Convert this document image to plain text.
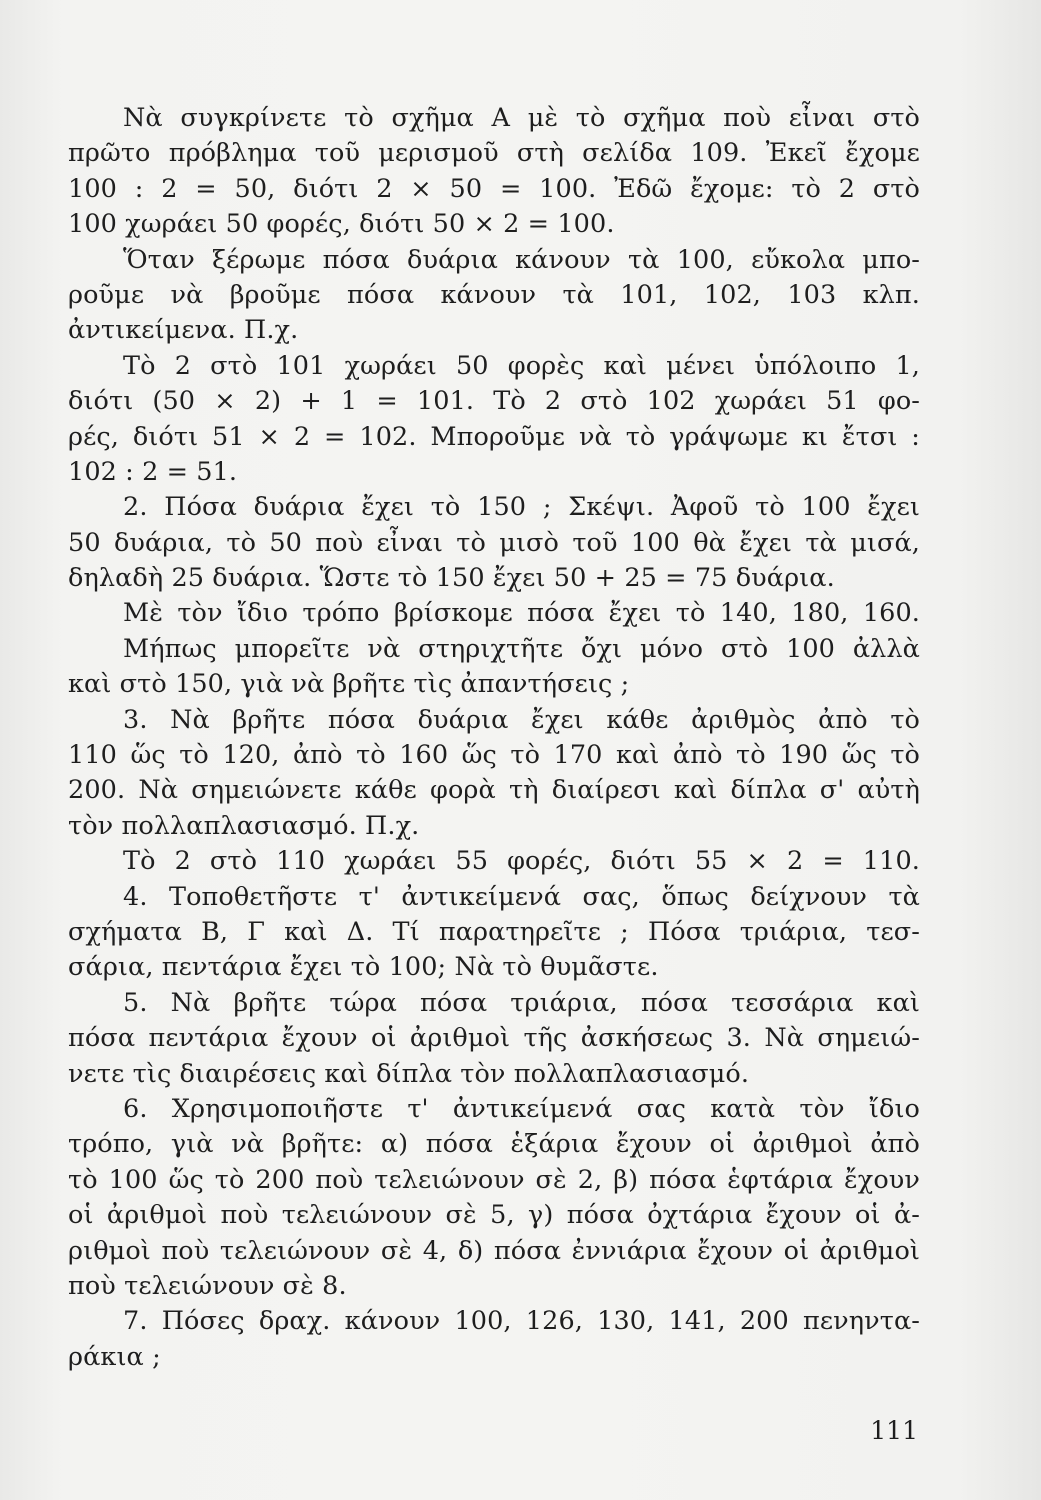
Νὰ συγκρίνετε τὸ σχῆμα Α μὲ τὸ σχῆμα ποὺ εἶναι στὸ
πρῶτο πρόβλημα τοῦ μερισμοῦ στὴ σελίδα 109. Ἐκεῖ ἔχομε
100 : 2 = 50, διότι 2 × 50 = 100. Ἐδῶ ἔχομε: τὸ 2 στὸ
100 χωράει 50 φορές, διότι 50 × 2 = 100.
Ὅταν ξέρωμε πόσα δυάρια κάνουν τὰ 100, εὔκολα μπο-
ροῦμε νὰ βροῦμε πόσα κάνουν τὰ 101, 102, 103 κλπ.
ἀντικείμενα. Π.χ.
Τὸ 2 στὸ 101 χωράει 50 φορὲς καὶ μένει ὑπόλοιπο 1,
διότι (50 × 2) + 1 = 101. Τὸ 2 στὸ 102 χωράει 51 φο-
ρές, διότι 51 × 2 = 102. Μποροῦμε νὰ τὸ γράψωμε κι ἔτσι :
102 : 2 = 51.
2. Πόσα δυάρια ἔχει τὸ 150 ; Σκέψι. Ἀφοῦ τὸ 100 ἔχει
50 δυάρια, τὸ 50 ποὺ εἶναι τὸ μισὸ τοῦ 100 θὰ ἔχει τὰ μισά,
δηλαδὴ 25 δυάρια. Ὥστε τὸ 150 ἔχει 50 + 25 = 75 δυάρια.
Μὲ τὸν ἴδιο τρόπο βρίσκομε πόσα ἔχει τὸ 140, 180, 160.
Μήπως μπορεῖτε νὰ στηριχτῆτε ὄχι μόνο στὸ 100 ἀλλὰ
καὶ στὸ 150, γιὰ νὰ βρῆτε τὶς ἀπαντήσεις ;
3. Νὰ βρῆτε πόσα δυάρια ἔχει κάθε ἀριθμὸς ἀπὸ τὸ
110 ὥς τὸ 120, ἀπὸ τὸ 160 ὥς τὸ 170 καὶ ἀπὸ τὸ 190 ὥς τὸ
200. Νὰ σημειώνετε κάθε φορὰ τὴ διαίρεσι καὶ δίπλα σ' αὐτὴ
τὸν πολλαπλασιασμό. Π.χ.
Τὸ 2 στὸ 110 χωράει 55 φορές, διότι 55 × 2 = 110.
4. Τοποθετῆστε τ' ἀντικείμενά σας, ὅπως δείχνουν τὰ
σχήματα Β, Γ καὶ Δ. Τί παρατηρεῖτε ; Πόσα τριάρια, τεσ-
σάρια, πεντάρια ἔχει τὸ 100; Νὰ τὸ θυμᾶστε.
5. Νὰ βρῆτε τώρα πόσα τριάρια, πόσα τεσσάρια καὶ
πόσα πεντάρια ἔχουν οἱ ἀριθμοὶ τῆς ἀσκήσεως 3. Νὰ σημειώ-
νετε τὶς διαιρέσεις καὶ δίπλα τὸν πολλαπλασιασμό.
6. Χρησιμοποιῆστε τ' ἀντικείμενά σας κατὰ τὸν ἴδιο
τρόπο, γιὰ νὰ βρῆτε: α) πόσα ἑξάρια ἔχουν οἱ ἀριθμοὶ ἀπὸ
τὸ 100 ὥς τὸ 200 ποὺ τελειώνουν σὲ 2, β) πόσα ἑφτάρια ἔχουν
οἱ ἀριθμοὶ ποὺ τελειώνουν σὲ 5, γ) πόσα ὀχτάρια ἔχουν οἱ ἀ-
ριθμοὶ ποὺ τελειώνουν σὲ 4, δ) πόσα ἐννιάρια ἔχουν οἱ ἀριθμοὶ
ποὺ τελειώνουν σὲ 8.
7. Πόσες δραχ. κάνουν 100, 126, 130, 141, 200 πενηντα-
ράκια ;
111
